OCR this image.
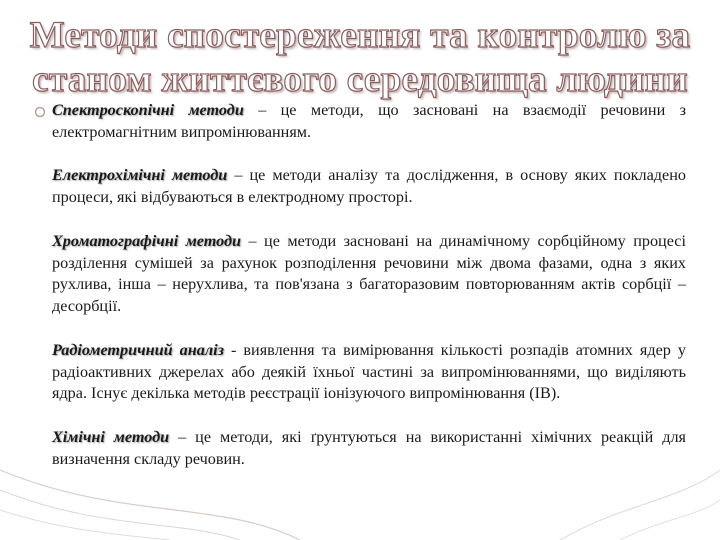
Методи спостереження та контролю за
станом життєвого середовища людини

Спектроскопічні методи – це методи, що засновані на взаємодії речовини з електромагнітним випромінюванням.

Електрохімічні методи – це методи аналізу та дослідження, в основу яких покладено процеси, які відбуваються в електродному просторі.

Хроматографічні методи – це методи засновані на динамічному сорбційному процесі розділення сумішей за рахунок розподілення речовини між двома фазами, одна з яких рухлива, інша – нерухлива, та пов'язана з багаторазовим повторюванням актів сорбції – десорбції.

Радіометричний аналіз - виявлення та вимірювання кількості розпадів атомних ядер у радіоактивних джерелах або деякій їхньої частині за випромінюваннями, що виділяють ядра. Існує декілька методів реєстрації іонізуючого випромінювання (ІВ).

Хімічні методи – це методи, які ґрунтуються на використанні хімічних реакцій для визначення складу речовин.
